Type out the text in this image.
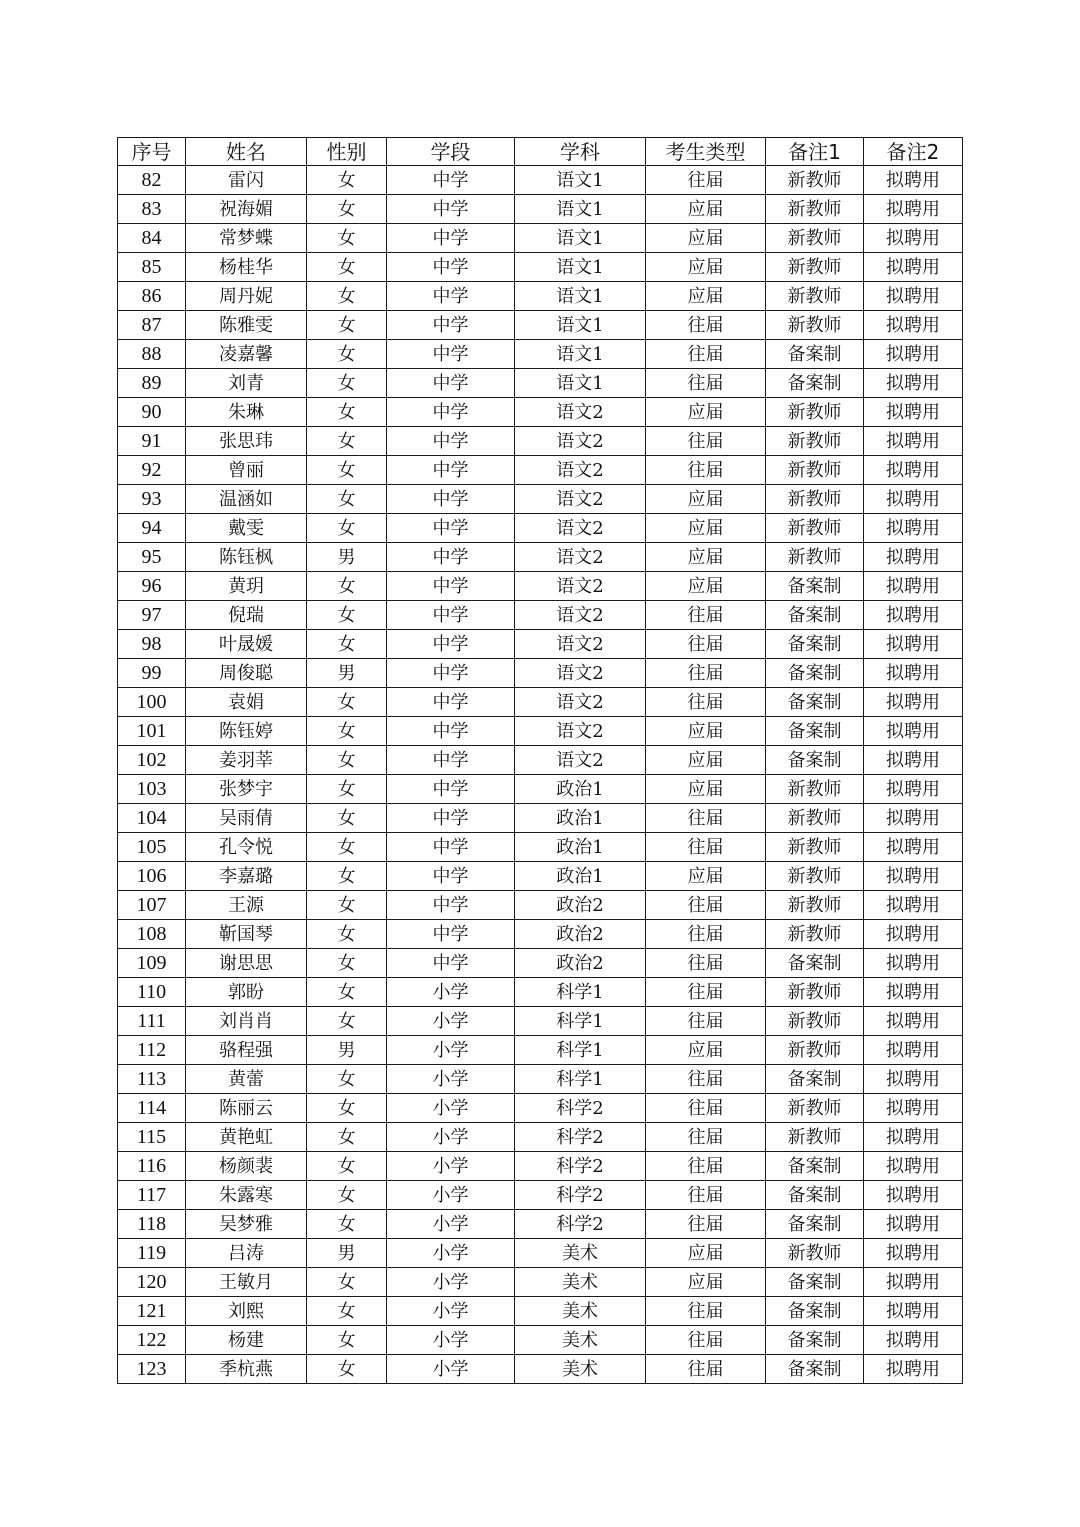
序号	姓名	性别	学段	学科	考生类型	备注1	备注2
82	雷闪	女	中学	语文1	往届	新教师	拟聘用
83	祝海媚	女	中学	语文1	应届	新教师	拟聘用
84	常梦蝶	女	中学	语文1	应届	新教师	拟聘用
85	杨桂华	女	中学	语文1	应届	新教师	拟聘用
86	周丹妮	女	中学	语文1	应届	新教师	拟聘用
87	陈雅雯	女	中学	语文1	往届	新教师	拟聘用
88	凌嘉馨	女	中学	语文1	往届	备案制	拟聘用
89	刘青	女	中学	语文1	往届	备案制	拟聘用
90	朱琳	女	中学	语文2	应届	新教师	拟聘用
91	张思玮	女	中学	语文2	往届	新教师	拟聘用
92	曾丽	女	中学	语文2	往届	新教师	拟聘用
93	温涵如	女	中学	语文2	应届	新教师	拟聘用
94	戴雯	女	中学	语文2	应届	新教师	拟聘用
95	陈钰枫	男	中学	语文2	应届	新教师	拟聘用
96	黄玥	女	中学	语文2	应届	备案制	拟聘用
97	倪瑞	女	中学	语文2	往届	备案制	拟聘用
98	叶晟媛	女	中学	语文2	往届	备案制	拟聘用
99	周俊聪	男	中学	语文2	往届	备案制	拟聘用
100	袁娟	女	中学	语文2	往届	备案制	拟聘用
101	陈钰婷	女	中学	语文2	应届	备案制	拟聘用
102	姜羽莘	女	中学	语文2	应届	备案制	拟聘用
103	张梦宇	女	中学	政治1	应届	新教师	拟聘用
104	吴雨倩	女	中学	政治1	往届	新教师	拟聘用
105	孔令悦	女	中学	政治1	往届	新教师	拟聘用
106	李嘉璐	女	中学	政治1	应届	新教师	拟聘用
107	王源	女	中学	政治2	往届	新教师	拟聘用
108	靳国琴	女	中学	政治2	往届	新教师	拟聘用
109	谢思思	女	中学	政治2	往届	备案制	拟聘用
110	郭盼	女	小学	科学1	往届	新教师	拟聘用
111	刘肖肖	女	小学	科学1	往届	新教师	拟聘用
112	骆程强	男	小学	科学1	应届	新教师	拟聘用
113	黄蕾	女	小学	科学1	往届	备案制	拟聘用
114	陈丽云	女	小学	科学2	往届	新教师	拟聘用
115	黄艳虹	女	小学	科学2	往届	新教师	拟聘用
116	杨颜裴	女	小学	科学2	往届	备案制	拟聘用
117	朱露寒	女	小学	科学2	往届	备案制	拟聘用
118	吴梦雅	女	小学	科学2	往届	备案制	拟聘用
119	吕涛	男	小学	美术	应届	新教师	拟聘用
120	王敏月	女	小学	美术	应届	备案制	拟聘用
121	刘熙	女	小学	美术	往届	备案制	拟聘用
122	杨建	女	小学	美术	往届	备案制	拟聘用
123	季杭燕	女	小学	美术	往届	备案制	拟聘用
